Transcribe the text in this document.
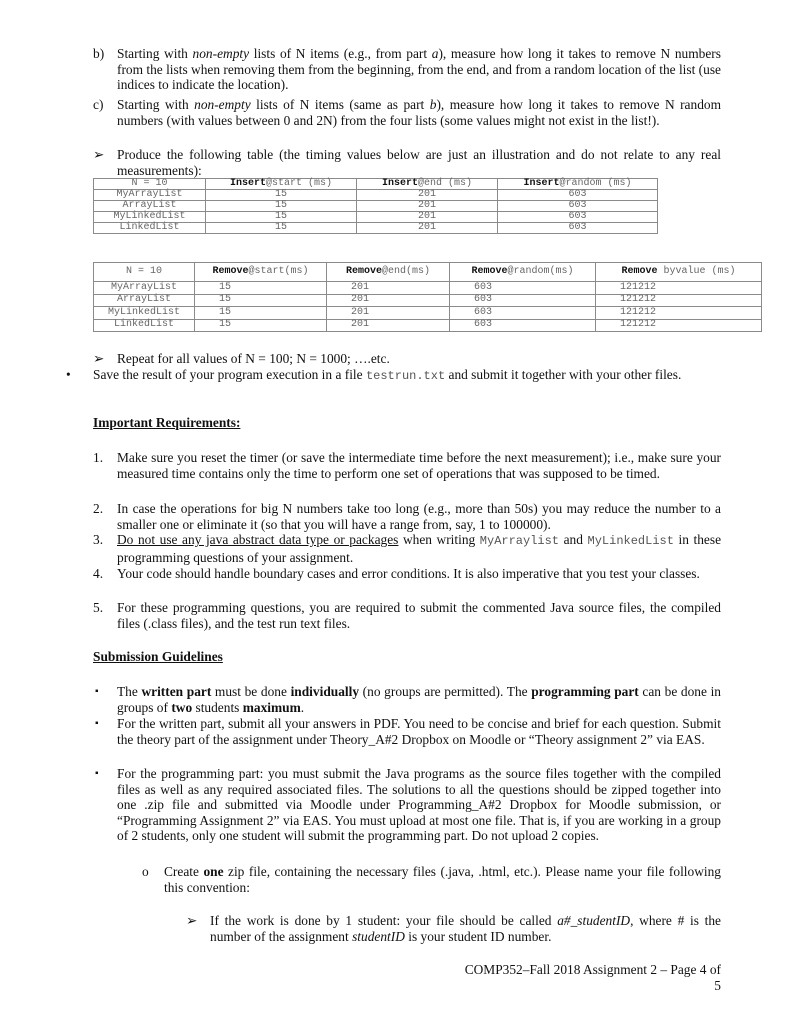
b) Starting with non-empty lists of N items (e.g., from part a), measure how long it takes to remove N numbers from the lists when removing them from the beginning, from the end, and from a random location of the list (use indices to indicate the location).
c) Starting with non-empty lists of N items (same as part b), measure how long it takes to remove N random numbers (with values between 0 and 2N) from the four lists (some values might not exist in the list!).
➢ Produce the following table (the timing values below are just an illustration and do not relate to any real measurements):
N = 10	Insert@start (ms)	Insert@end (ms)	Insert@random (ms)
MyArrayList	15	201	603
ArrayList	15	201	603
MyLinkedList	15	201	603
LinkedList	15	201	603
N = 10	Remove@start(ms)	Remove@end(ms)	Remove@random(ms)	Remove byvalue (ms)
MyArrayList	15	201	603	121212
ArrayList	15	201	603	121212
MyLinkedList	15	201	603	121212
LinkedList	15	201	603	121212
➢ Repeat for all values of N = 100; N = 1000; ….etc.
• Save the result of your program execution in a file testrun.txt and submit it together with your other files.
Important Requirements:
1. Make sure you reset the timer (or save the intermediate time before the next measurement); i.e., make sure your measured time contains only the time to perform one set of operations that was supposed to be timed.
2. In case the operations for big N numbers take too long (e.g., more than 50s) you may reduce the number to a smaller one or eliminate it (so that you will have a range from, say, 1 to 100000).
3. Do not use any java abstract data type or packages when writing MyArraylist and MyLinkedList in these programming questions of your assignment.
4. Your code should handle boundary cases and error conditions. It is also imperative that you test your classes.
5. For these programming questions, you are required to submit the commented Java source files, the compiled files (.class files), and the test run text files.
Submission Guidelines
▪ The written part must be done individually (no groups are permitted). The programming part can be done in groups of two students maximum.
▪ For the written part, submit all your answers in PDF. You need to be concise and brief for each question. Submit the theory part of the assignment under Theory_A#2 Dropbox on Moodle or “Theory assignment 2” via EAS.
▪ For the programming part: you must submit the Java programs as the source files together with the compiled files as well as any required associated files. The solutions to all the questions should be zipped together into one .zip file and submitted via Moodle under Programming_A#2 Dropbox for Moodle submission, or “Programming Assignment 2” via EAS. You must upload at most one file. That is, if you are working in a group of 2 students, only one student will submit the programming part. Do not upload 2 copies.
o Create one zip file, containing the necessary files (.java, .html, etc.). Please name your file following this convention:
➢ If the work is done by 1 student: your file should be called a#_studentID, where # is the number of the assignment studentID is your student ID number.
COMP352–Fall 2018 Assignment 2 – Page 4 of 5
